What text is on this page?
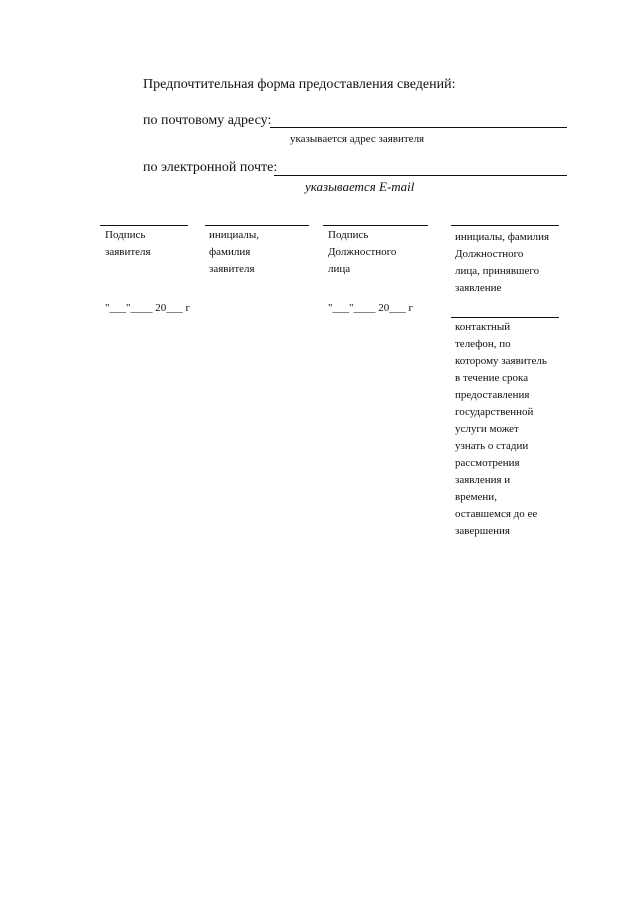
Предпочтительная форма предоставления сведений:
по почтовому адресу:
указывается адрес заявителя
по электронной почте:
указывается E-mail
Подпись
заявителя
инициалы,
фамилия
заявителя
Подпись
Должностного
лица
инициалы, фамилия
Должностного
лица, принявшего
заявление
"___"____ 20___ г	"___"____ 20___ г
контактный
телефон, по
которому заявитель
в течение срока
предоставления
государственной
услуги может
узнать о стадии
рассмотрения
заявления и
времени,
оставшемся до ее
завершения
